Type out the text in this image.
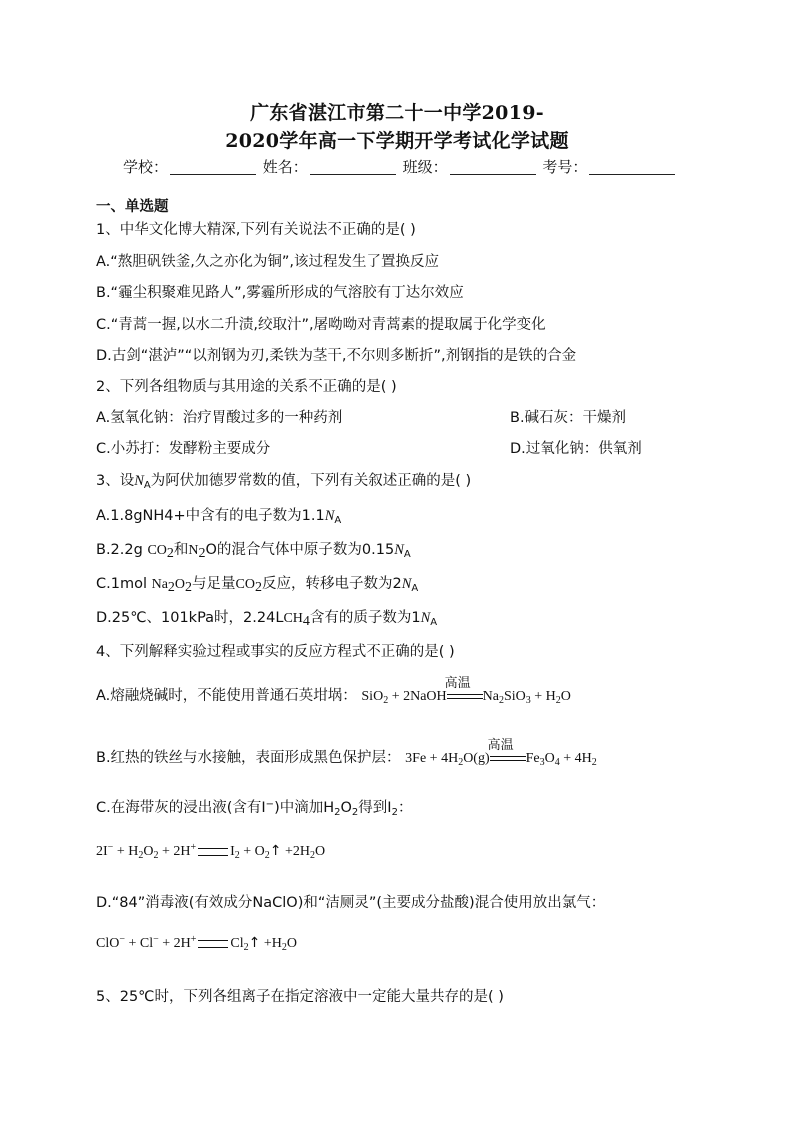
广东省湛江市第二十一中学2019-
2020学年高一下学期开学考试化学试题
学校：	姓名：	班级：	考号：
一、单选题
1、中华文化博大精深,下列有关说法不正确的是( )
A.“熬胆矾铁釜,久之亦化为铜”,该过程发生了置换反应
B.“霾尘积聚难见路人”,雾霾所形成的气溶胶有丁达尔效应
C.“青蒿一握,以水二升渍,绞取汁”,屠呦呦对青蒿素的提取属于化学变化
D.古剑“湛泸”“以剂钢为刃,柔铁为茎干,不尔则多断折”,剂钢指的是铁的合金
2、下列各组物质与其用途的关系不正确的是( )
A.氢氧化钠：治疗胃酸过多的一种药剂	B.碱石灰：干燥剂
C.小苏打：发酵粉主要成分	D.过氧化钠：供氧剂
3、设$N_A$为阿伏加德罗常数的值，下列有关叙述正确的是( )
A.1.8gNH4+中含有的电子数为$1.1N_A$
B.2.2g $CO_2$和$N_2O$的混合气体中原子数为$0.15N_A$
C.1mol $Na_2O_2$与足量$CO_2$反应，转移电子数为$2N_A$
D.25℃、101kPa时，$2.24LCH_4$含有的质子数为$1N_A$
4、下列解释实验过程或事实的反应方程式不正确的是( )
A.熔融烧碱时，不能使用普通石英坩埚： SiO$_2$ + 2NaOH
高温
$Na_2SiO_3 + H_2O$
B.红热的铁丝与水接触，表面形成黑色保护层： $3Fe + 4H_2O(g)$
高温
$Fe_3O_4 + 4H_2$
C.在海带灰的浸出液(含有I−)中滴加$H_2O_2$得到$I_2$：
$2I^- + H_2O_2 + 2H^+$ $I_2$ + $O_2↑ +2H_2O$
D.“84”消毒液(有效成分NaClO)和“洁厕灵”(主要成分盐酸)混合使用放出氯气：
ClO− + Cl− + 2H+ $Cl_2↑ +H_2O$
5、25℃时，下列各组离子在指定溶液中一定能大量共存的是( )
